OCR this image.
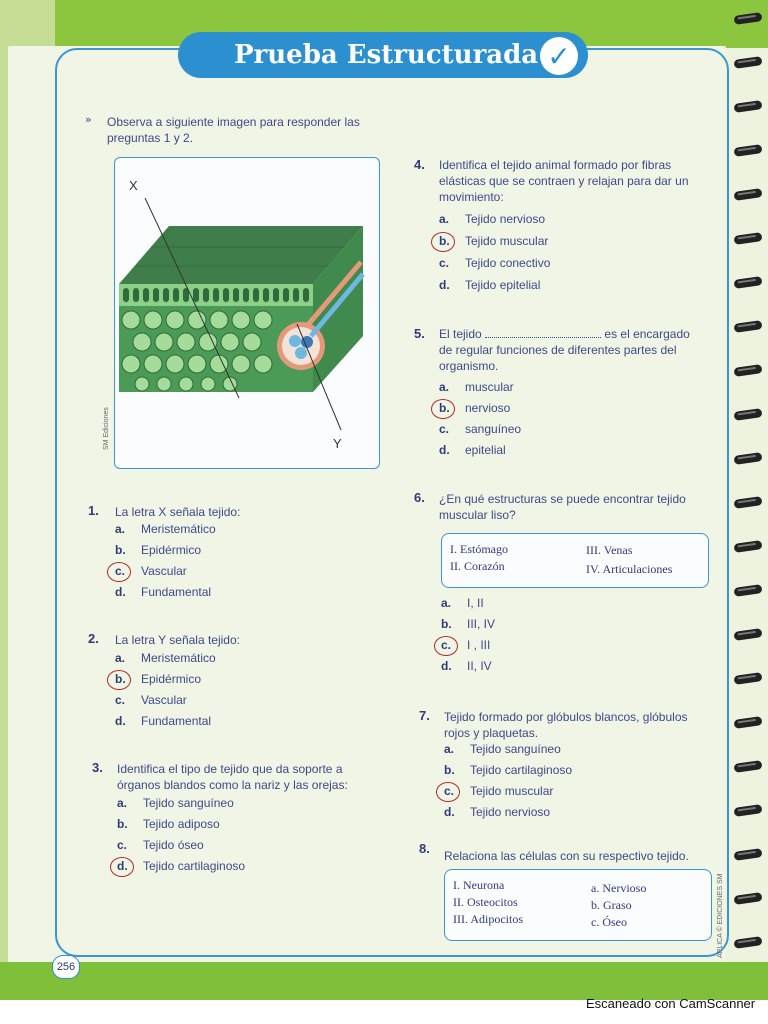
Prueba Estructurada ✓
» Observa a siguiente imagen para responder las preguntas 1 y 2.
X
Y
SM Ediciones
1. La letra X señala tejido:
a. Meristemático
b. Epidérmico
c. Vascular
d. Fundamental
2. La letra Y señala tejido:
a. Meristemático
b. Epidérmico
c. Vascular
d. Fundamental
3. Identifica el tipo de tejido que da soporte a órganos blandos como la nariz y las orejas:
a. Tejido sanguíneo
b. Tejido adiposo
c. Tejido óseo
d. Tejido cartilaginoso
4. Identifica el tejido animal formado por fibras elásticas que se contraen y relajan para dar un movimiento:
a. Tejido nervioso
b. Tejido muscular
c. Tejido conectivo
d. Tejido epitelial
5. El tejido	es el encargado de regular funciones de diferentes partes del organismo.
a. muscular
b. nervioso
c. sanguíneo
d. epitelial
6. ¿En qué estructuras se puede encontrar tejido muscular liso?
I. Estómago	III. Venas
II. Corazón	IV. Articulaciones
a. I, II
b. III, IV
c. I , III
d. II, IV
7. Tejido formado por glóbulos blancos, glóbulos rojos y plaquetas.
a. Tejido sanguíneo
b. Tejido cartilaginoso
c. Tejido muscular
d. Tejido nervioso
8. Relaciona las células con su respectivo tejido.
I. Neurona	a. Nervioso
II. Osteocitos	b. Graso
III. Adipocitos	c. Óseo	APLICA © EDICIONES SM
256
Escaneado con CamScanner
